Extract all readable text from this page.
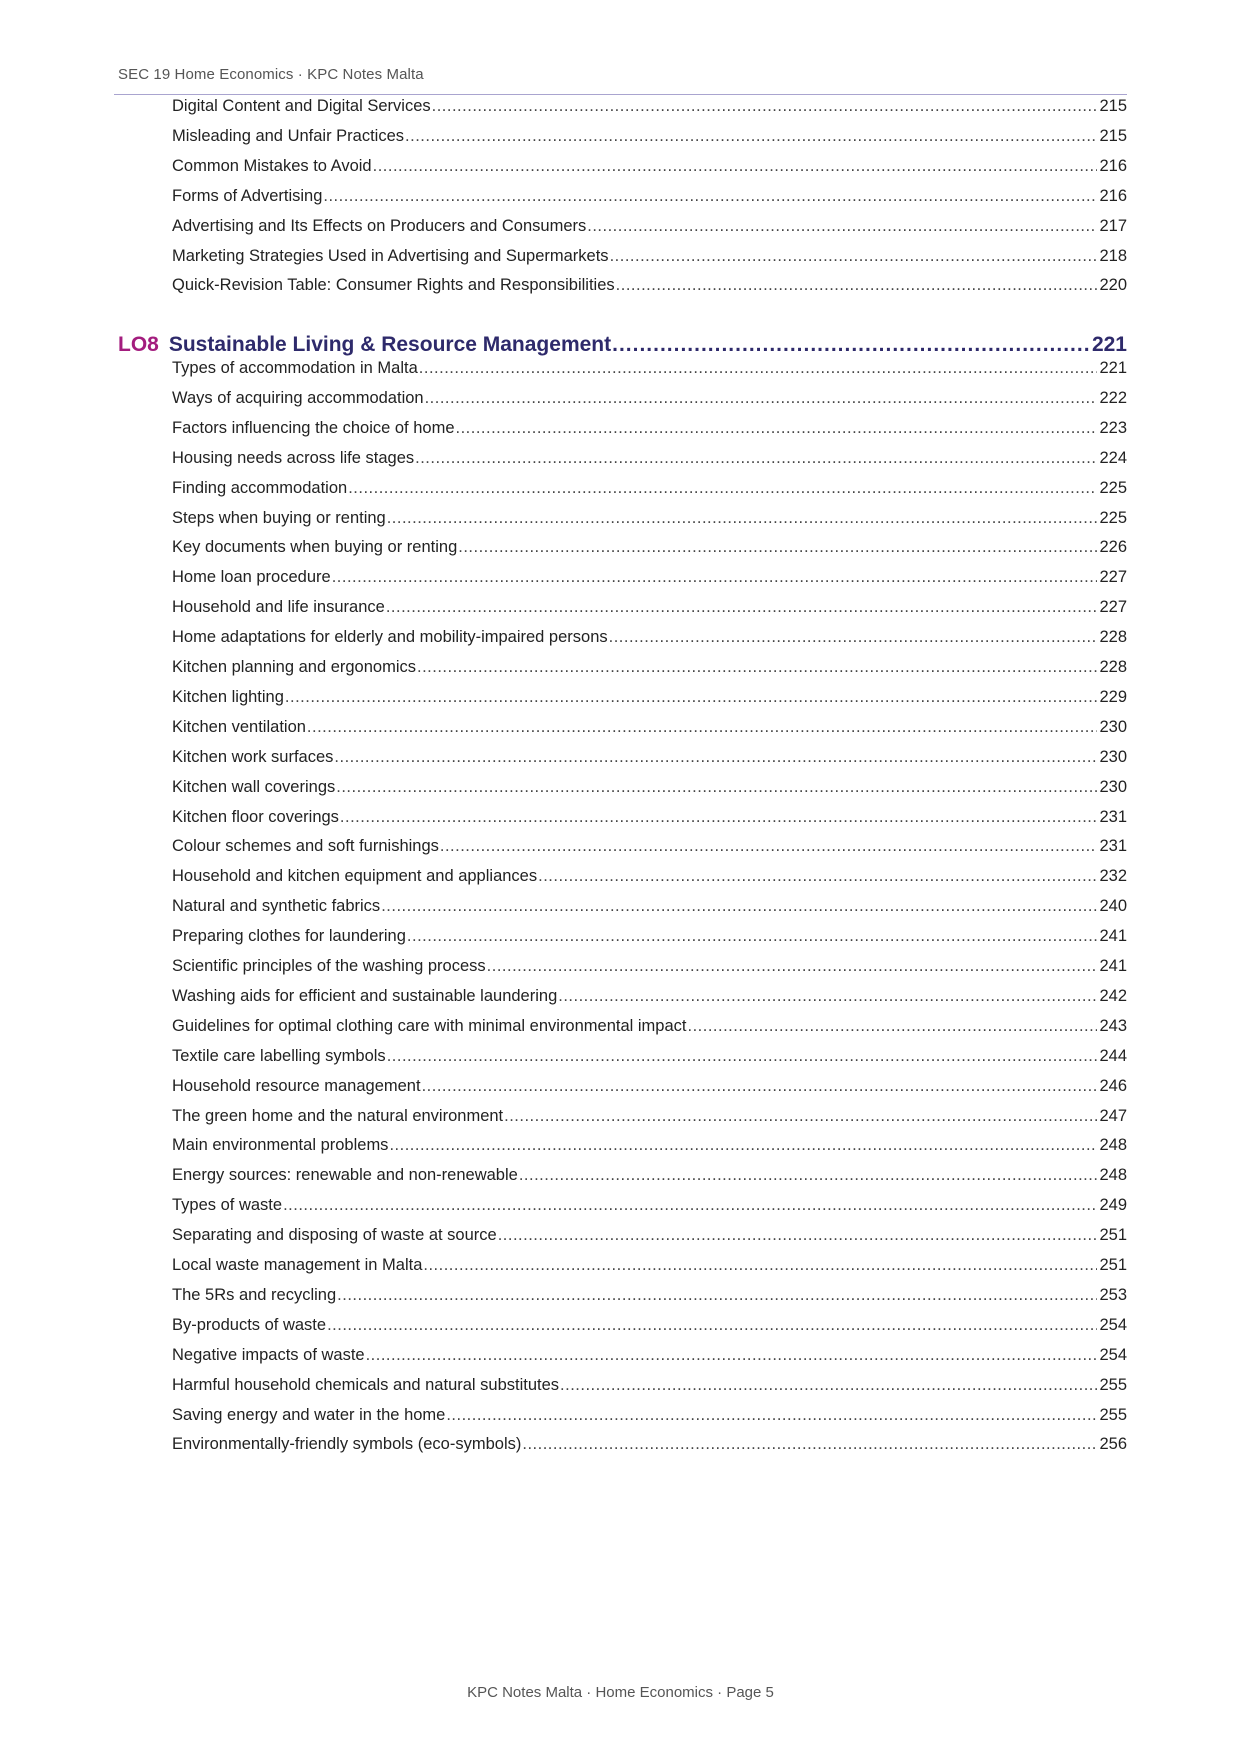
SEC 19 Home Economics · KPC Notes Malta
Digital Content and Digital Services .....	215
Misleading and Unfair Practices .....	215
Common Mistakes to Avoid .....	216
Forms of Advertising .....	216
Advertising and Its Effects on Producers and Consumers .....	217
Marketing Strategies Used in Advertising and Supermarkets .....	218
Quick-Revision Table: Consumer Rights and Responsibilities .....	220
LO8 Sustainable Living & Resource Management .....	221
Types of accommodation in Malta .....	221
Ways of acquiring accommodation .....	222
Factors influencing the choice of home .....	223
Housing needs across life stages .....	224
Finding accommodation .....	225
Steps when buying or renting .....	225
Key documents when buying or renting .....	226
Home loan procedure .....	227
Household and life insurance .....	227
Home adaptations for elderly and mobility-impaired persons .....	228
Kitchen planning and ergonomics .....	228
Kitchen lighting .....	229
Kitchen ventilation .....	230
Kitchen work surfaces .....	230
Kitchen wall coverings .....	230
Kitchen floor coverings .....	231
Colour schemes and soft furnishings .....	231
Household and kitchen equipment and appliances .....	232
Natural and synthetic fabrics .....	240
Preparing clothes for laundering .....	241
Scientific principles of the washing process .....	241
Washing aids for efficient and sustainable laundering .....	242
Guidelines for optimal clothing care with minimal environmental impact .....	243
Textile care labelling symbols .....	244
Household resource management .....	246
The green home and the natural environment .....	247
Main environmental problems .....	248
Energy sources: renewable and non-renewable .....	248
Types of waste .....	249
Separating and disposing of waste at source .....	251
Local waste management in Malta .....	251
The 5Rs and recycling .....	253
By-products of waste .....	254
Negative impacts of waste .....	254
Harmful household chemicals and natural substitutes .....	255
Saving energy and water in the home .....	255
Environmentally-friendly symbols (eco-symbols) .....	256
KPC Notes Malta · Home Economics · Page 5
